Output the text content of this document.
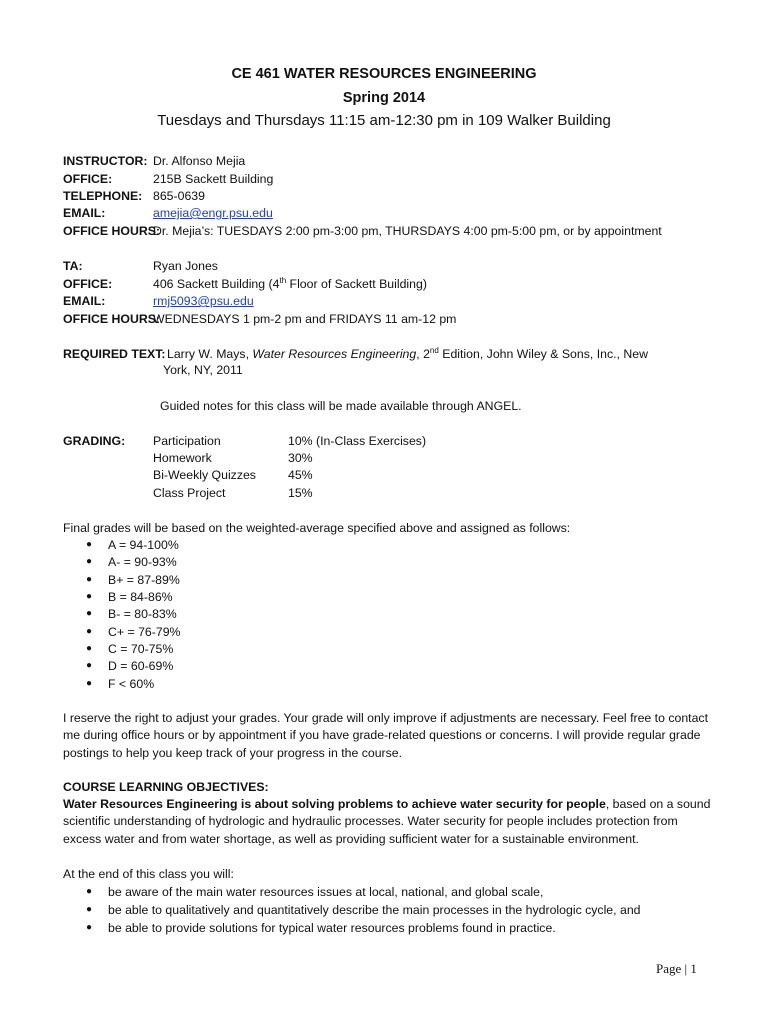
CE 461 WATER RESOURCES ENGINEERING
Spring 2014
Tuesdays and Thursdays 11:15 am-12:30 pm in 109 Walker Building
INSTRUCTOR: Dr. Alfonso Mejia
OFFICE:	215B Sackett Building
TELEPHONE: 865-0639
EMAIL:	amejia@engr.psu.edu
OFFICE HOURS:
Dr. Mejia’s: TUESDAYS 2:00 pm-3:00 pm, THURSDAYS 4:00 pm-5:00 pm, or by appointment
TA:	Ryan Jones
OFFICE:	406 Sackett Building (4th Floor of Sackett Building)
EMAIL:	rmj5093@psu.edu
OFFICE HOURS:
WEDNESDAYS 1 pm-2 pm and FRIDAYS 11 am-12 pm
REQUIRED TEXT: Larry W. Mays, Water Resources Engineering, 2nd Edition, John Wiley & Sons, Inc., New
York, NY, 2011
Guided notes for this class will be made available through ANGEL.
GRADING: Participation	10% (In-Class Exercises)
Homework	30%
Bi-Weekly Quizzes	45%
Class Project	15%
Final grades will be based on the weighted-average specified above and assigned as follows:
● A = 94-100%
● A- = 90-93%
● B+ = 87-89%
● B = 84-86%
● B- = 80-83%
● C+ = 76-79%
● C = 70-75%
● D = 60-69%
● F < 60%
I reserve the right to adjust your grades. Your grade will only improve if adjustments are necessary. Feel free to contact me during office hours or by appointment if you have grade-related questions or concerns. I will provide regular grade postings to help you keep track of your progress in the course.
COURSE LEARNING OBJECTIVES:
Water Resources Engineering is about solving problems to achieve water security for people, based on a sound scientific understanding of hydrologic and hydraulic processes. Water security for people includes protection from excess water and from water shortage, as well as providing sufficient water for a sustainable environment.
At the end of this class you will:
● be aware of the main water resources issues at local, national, and global scale,
● be able to qualitatively and quantitatively describe the main processes in the hydrologic cycle, and
● be able to provide solutions for typical water resources problems found in practice.
Page | 1
